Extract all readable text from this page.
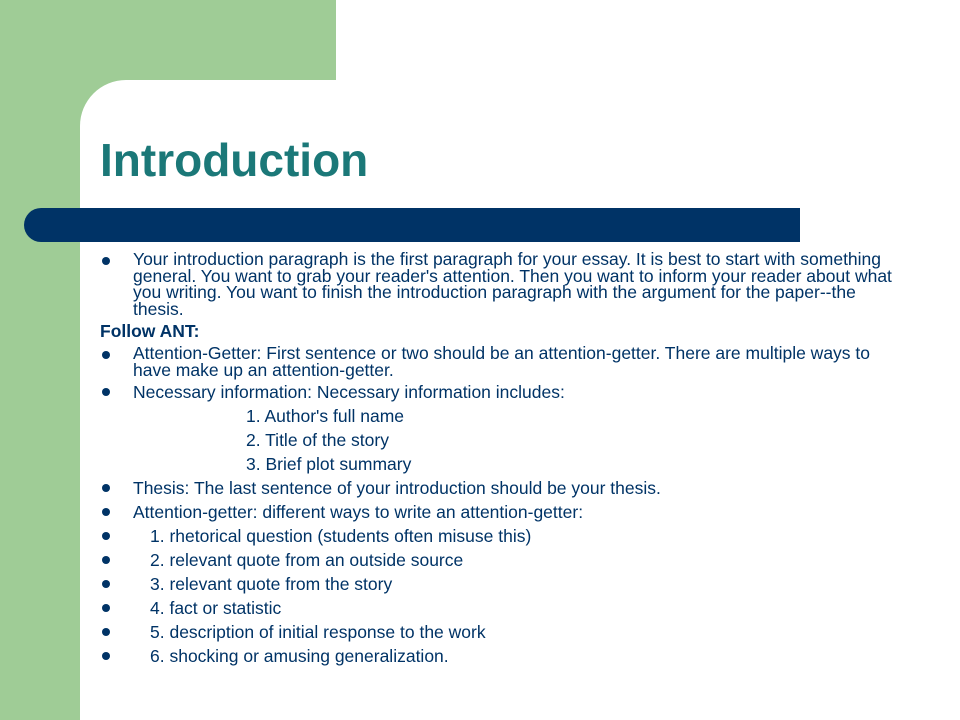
Introduction

Your introduction paragraph is the first paragraph for your essay. It is best to start with something general. You want to grab your reader's attention. Then you want to inform your reader about what you writing. You want to finish the introduction paragraph with the argument for the paper--the thesis.

Follow ANT:

Attention-Getter: First sentence or two should be an attention-getter. There are multiple ways to have make up an attention-getter.

Necessary information: Necessary information includes:

1. Author's full name

2. Title of the story

3. Brief plot summary

Thesis: The last sentence of your introduction should be your thesis.

Attention-getter: different ways to write an attention-getter:

1. rhetorical question (students often misuse this)

2. relevant quote from an outside source

3. relevant quote from the story

4. fact or statistic

5. description of initial response to the work

6. shocking or amusing generalization.
